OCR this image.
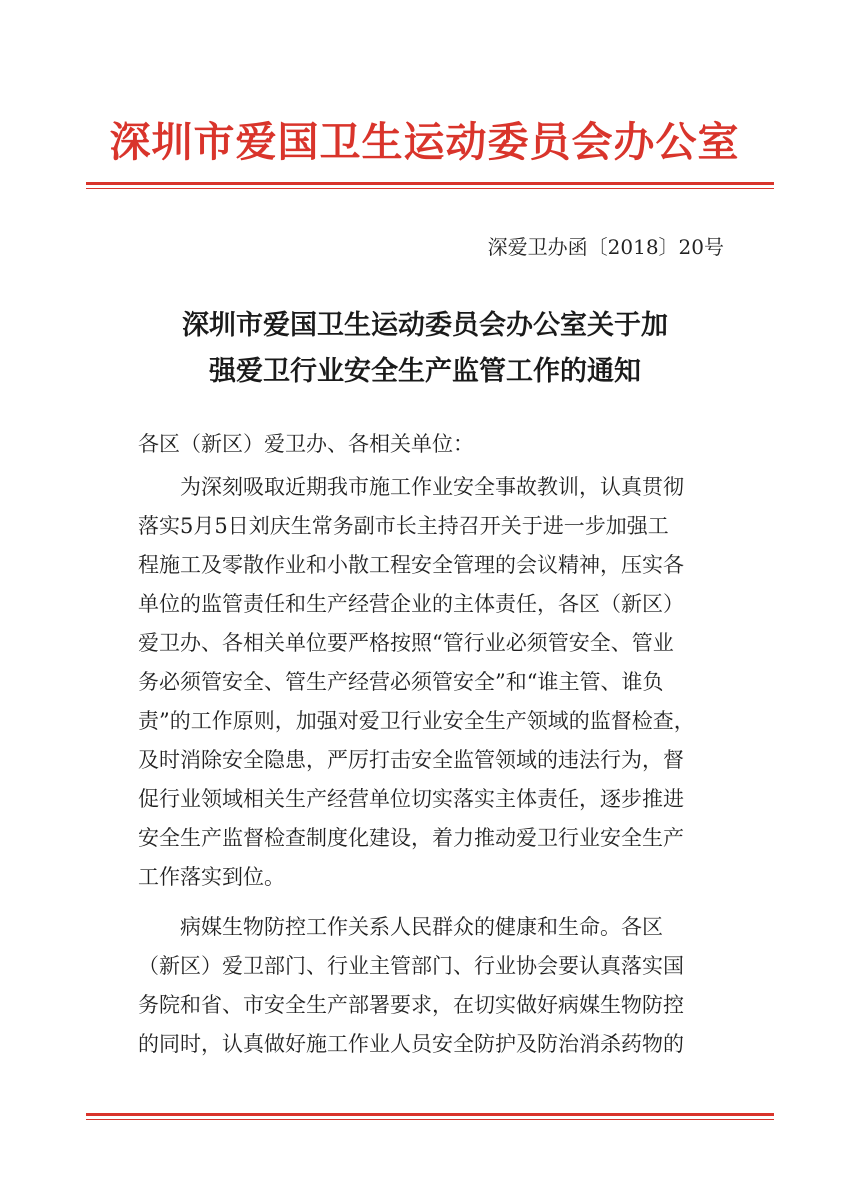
深圳市爱国卫生运动委员会办公室
深爱卫办函〔2018〕20号
深圳市爱国卫生运动委员会办公室关于加
强爱卫行业安全生产监管工作的通知
各区（新区）爱卫办、各相关单位：
　　为深刻吸取近期我市施工作业安全事故教训，认真贯彻
落实5月5日刘庆生常务副市长主持召开关于进一步加强工
程施工及零散作业和小散工程安全管理的会议精神，压实各
单位的监管责任和生产经营企业的主体责任，各区（新区）
爱卫办、各相关单位要严格按照“管行业必须管安全、管业
务必须管安全、管生产经营必须管安全”和“谁主管、谁负
责”的工作原则，加强对爱卫行业安全生产领域的监督检查，
及时消除安全隐患，严厉打击安全监管领域的违法行为，督
促行业领域相关生产经营单位切实落实主体责任，逐步推进
安全生产监督检查制度化建设，着力推动爱卫行业安全生产
工作落实到位。
　　病媒生物防控工作关系人民群众的健康和生命。各区
（新区）爱卫部门、行业主管部门、行业协会要认真落实国
务院和省、市安全生产部署要求，在切实做好病媒生物防控
的同时，认真做好施工作业人员安全防护及防治消杀药物的
